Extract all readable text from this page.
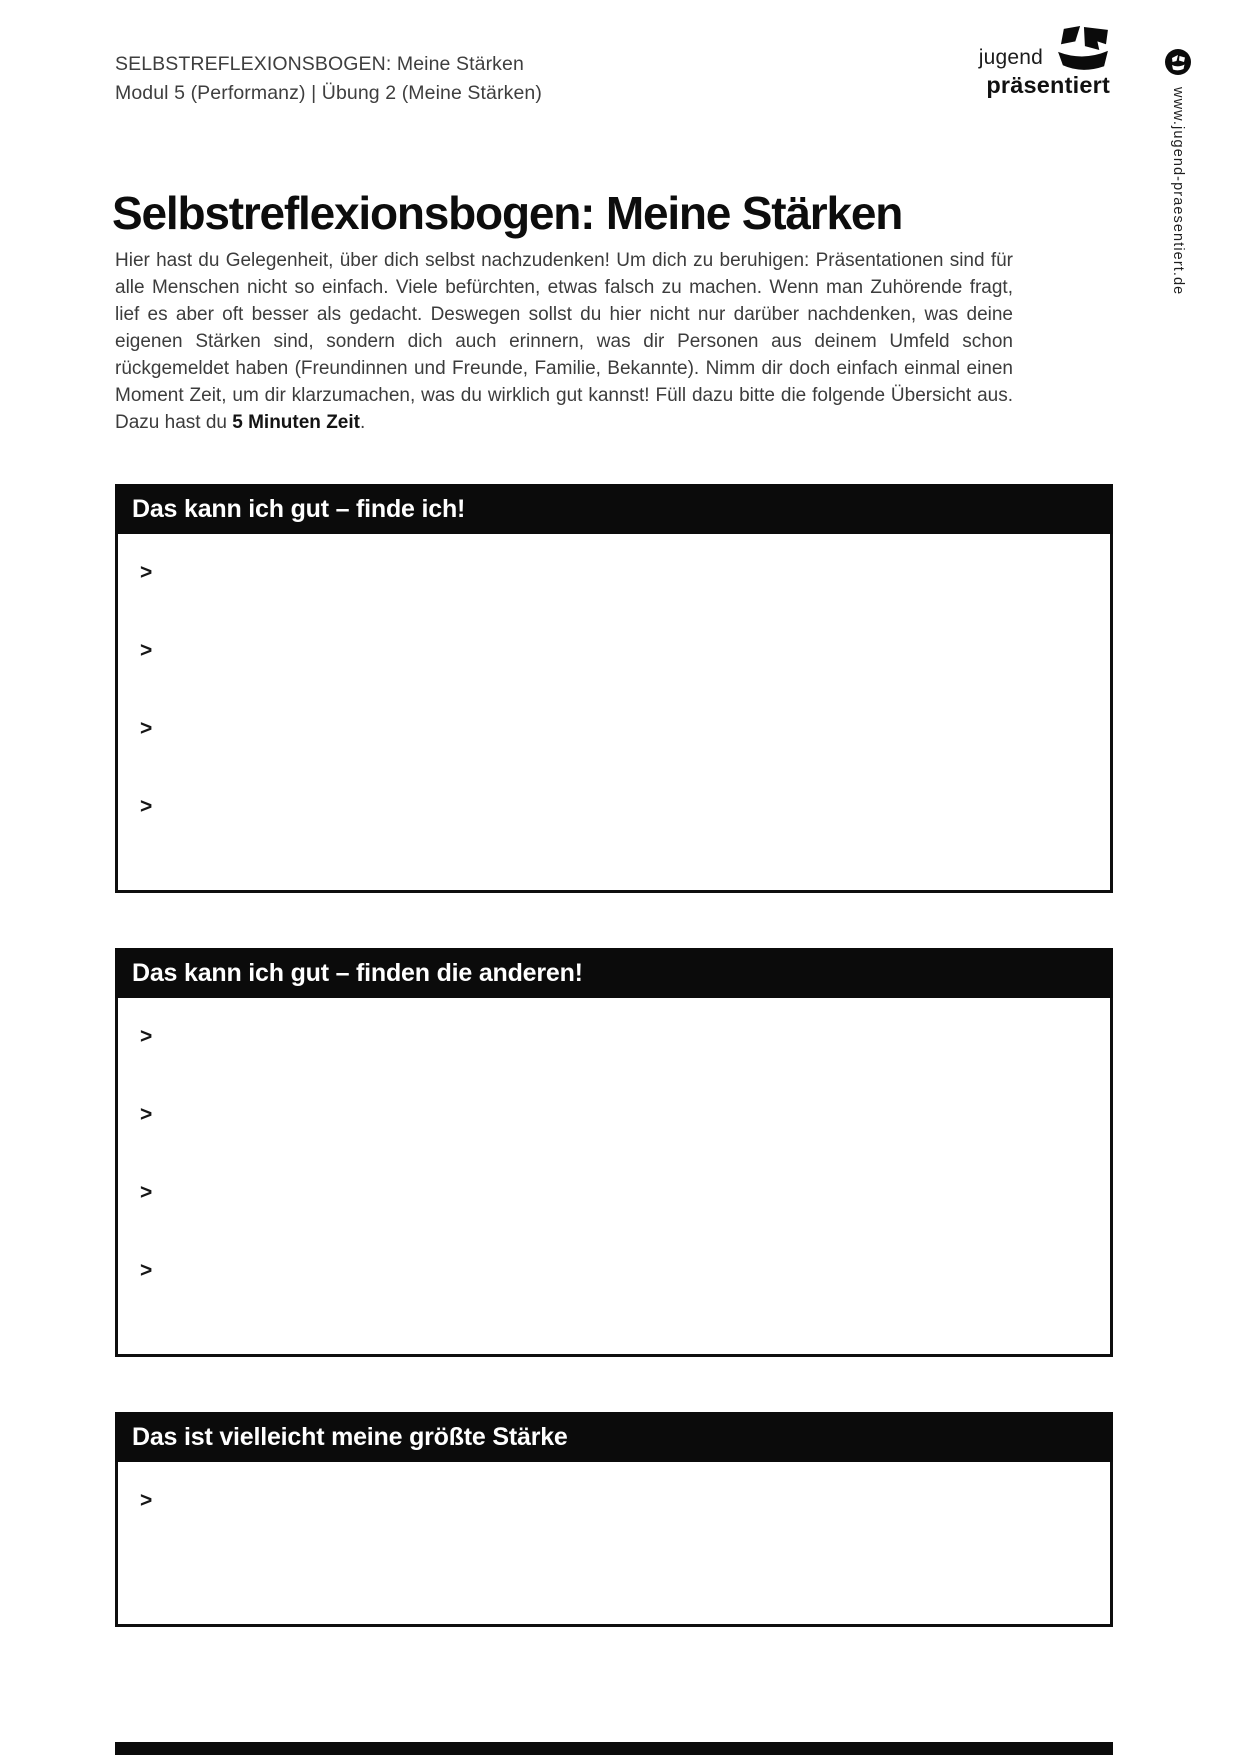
SELBSTREFLEXIONSBOGEN: Meine Stärken
Modul 5 (Performanz) | Übung 2 (Meine Stärken)
jugend
präsentiert
www.jugend-praesentiert.de
Selbstreflexionsbogen: Meine Stärken

Hier hast du Gelegenheit, über dich selbst nachzudenken! Um dich zu beruhigen: Präsentationen sind für alle Menschen nicht so einfach. Viele befürchten, etwas falsch zu machen. Wenn man Zuhörende fragt, lief es aber oft besser als gedacht. Deswegen sollst du hier nicht nur darüber nachdenken, was deine eigenen Stärken sind, sondern dich auch erinnern, was dir Personen aus deinem Umfeld schon rückgemeldet haben (Freundinnen und Freunde, Familie, Bekannte). Nimm dir doch einfach einmal einen Moment Zeit, um dir klarzumachen, was du wirklich gut kannst! Füll dazu bitte die folgende Übersicht aus. Dazu hast du 5 Minuten Zeit.

Das kann ich gut – finde ich!
>
>
>
>
Das kann ich gut – finden die anderen!
>
>
>
>
Das ist vielleicht meine größte Stärke
>
